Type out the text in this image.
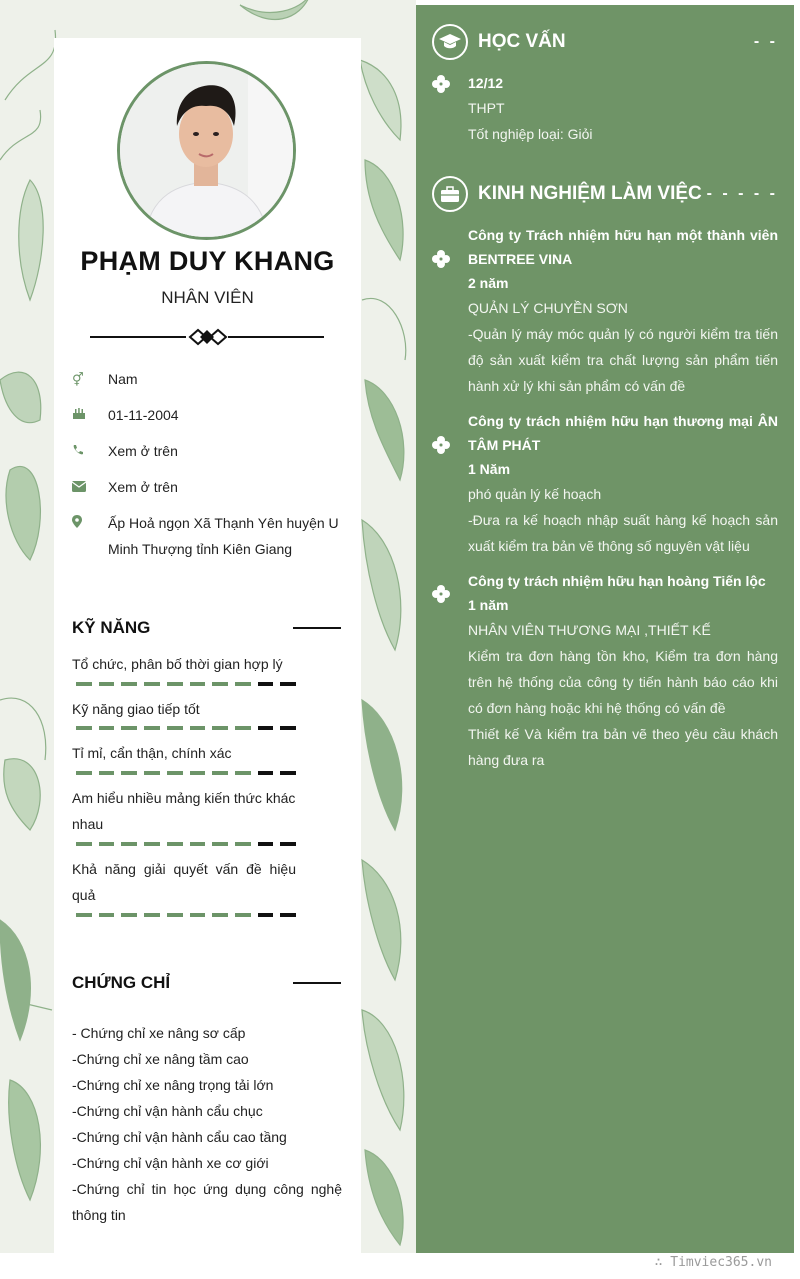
PHẠM DUY KHANG
NHÂN VIÊN
⚥	Nam
01-11-2004
Xem ở trên
Xem ở trên
Ấp Hoả ngọn Xã Thạnh Yên huyện U Minh Thượng tỉnh Kiên Giang
KỸ NĂNG
Tổ chức, phân bố thời gian hợp lý
Kỹ năng giao tiếp tốt
Tỉ mỉ, cẩn thận, chính xác
Am hiểu nhiều mảng kiến thức khác nhau
Khả năng giải quyết vấn đề hiệu quả
CHỨNG CHỈ
- Chứng chỉ xe nâng sơ cấp
-Chứng chỉ xe nâng tầm cao
-Chứng chỉ xe nâng trọng tải lớn
-Chứng chỉ vận hành cẩu chục
-Chứng chỉ vận hành cẩu cao tầng
-Chứng chỉ vận hành xe cơ giới
-Chứng chỉ tin học ứng dụng công nghệ thông tin
HỌC VẤN	- -
12/12
THPT
Tốt nghiệp loại: Giỏi
KINH NGHIỆM LÀM VIỆC - - - - -
Công ty Trách nhiệm hữu hạn một thành viên BENTREE VINA
2 năm
QUẢN LÝ CHUYỀN SƠN
-Quản lý máy móc quản lý có người kiểm tra tiến độ sản xuất kiểm tra chất lượng sản phẩm tiến hành xử lý khi sản phẩm có vấn đề
Công ty trách nhiệm hữu hạn thương mại ÂN TÂM PHÁT
1 Năm
phó quản lý kế hoạch
-Đưa ra kế hoạch nhập suất hàng kế hoạch sản xuất kiểm tra bản vẽ thông số nguyên vật liệu
Công ty trách nhiệm hữu hạn hoàng Tiến lộc
1 năm
NHÂN VIÊN THƯƠNG MẠI ,THIẾT KẾ
Kiểm tra đơn hàng tồn kho, Kiểm tra đơn hàng trên hệ thống của công ty tiến hành báo cáo khi có đơn hàng hoặc khi hệ thống có vấn đề
Thiết kế Và kiểm tra bản vẽ theo yêu cầu khách hàng đưa ra
∴ Timviec365.vn
